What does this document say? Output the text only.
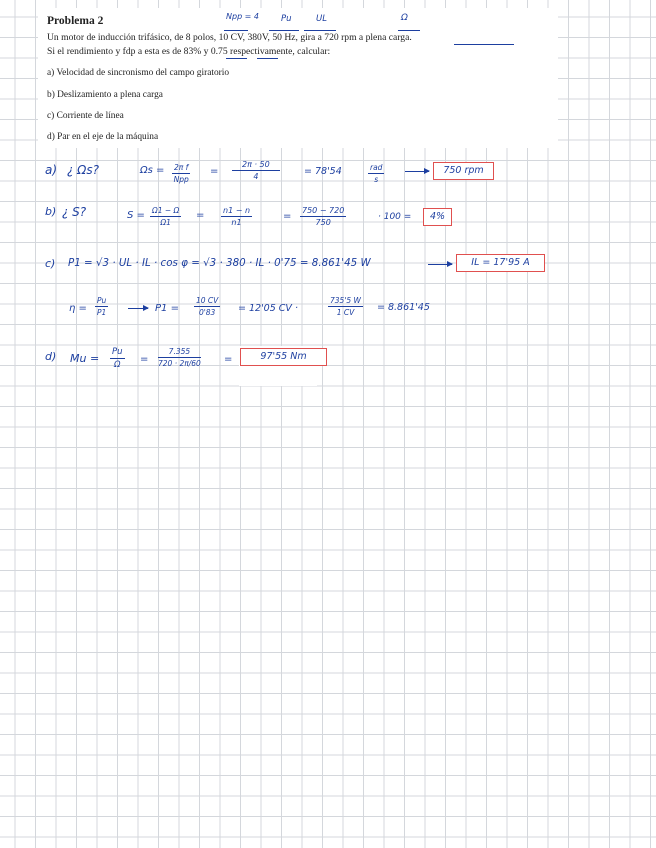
Problema 2
Un motor de inducción trifásico, de 8 polos, 10 CV, 380V, 50 Hz, gira a 720 rpm a plena carga.
Si el rendimiento y fdp a esta es de 83% y 0.75 respectivamente, calcular:
a) Velocidad de sincronismo del campo giratorio
b) Deslizamiento a plena carga
c) Corriente de línea
d) Par en el eje de la máquina
Npp = 4	Pu	UL	Ω
a) ¿ Ωs?	Ωs = 2π f
Npp
= $\frac{2\pi \cdot 50}{4}$	= 78'54	rad
s
750 rpm
b) ¿ S?	$S = \frac{\Omega 1 - \Omega}{\Omega 1} = \frac{n1 - n}{n1}$	= $\frac{750 - 720}{750}$	· 100 =	4%
c) P1 = √3 · UL · IL · cos φ = √3 · 380 · IL · 0'75 = 8.861'45 W	IL = 17'95 A
$\eta = \frac{Pu}{P1}$	$P1 = \frac{10 CV}{0'83} = 12'05$ CV ·	$\frac{735'5 W}{1 CV} = 8.861'45$
d) $Mu = \frac{Pu}{\Omega} = \frac{7.355}{720 \cdot 2\pi/60}$ =	97'55 Nm
